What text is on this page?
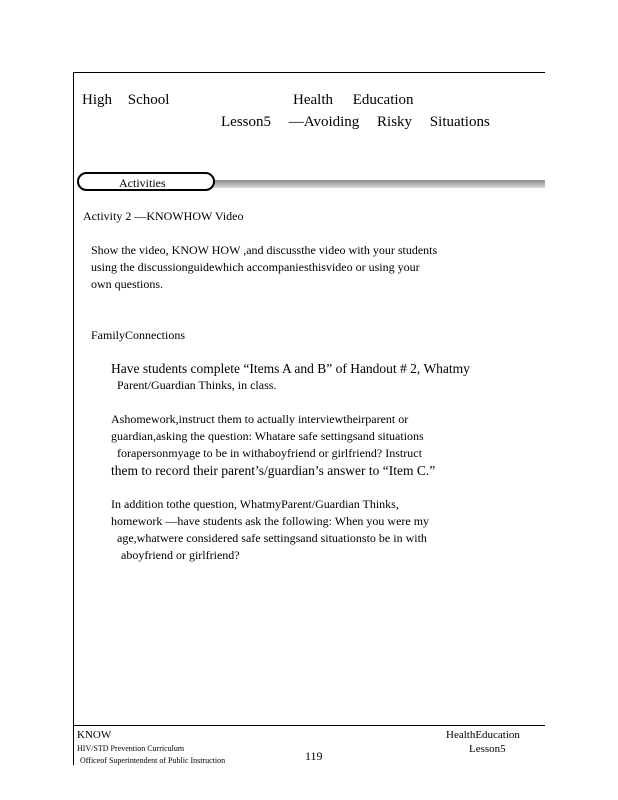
High School	Health Education
Lesson5 —Avoiding Risky Situations
Activities
Activity 2 —KNOWHOW Video
Show the video, KNOW HOW ,and discussthe video with your students
using the discussionguidewhich accompaniesthisvideo or using your
own questions.
FamilyConnections
Have students complete “Items A and B” of Handout # 2, Whatmy
Parent/Guardian Thinks, in class.
Ashomework,instruct them to actually interviewtheirparent or
guardian,asking the question: Whatare safe settingsand situations
forapersonmyage to be in withaboyfriend or girlfriend? Instruct
them to record their parent’s/guardian’s answer to “Item C.”
In addition tothe question, WhatmyParent/Guardian Thinks,
homework —have students ask the following: When you were my
age,whatwere considered safe settingsand situationsto be in with
aboyfriend or girlfriend?
KNOW
HIV/STD Prevention Curriculum
Officeof Superintendent of Public Instruction	119
HealthEducation
Lesson5
